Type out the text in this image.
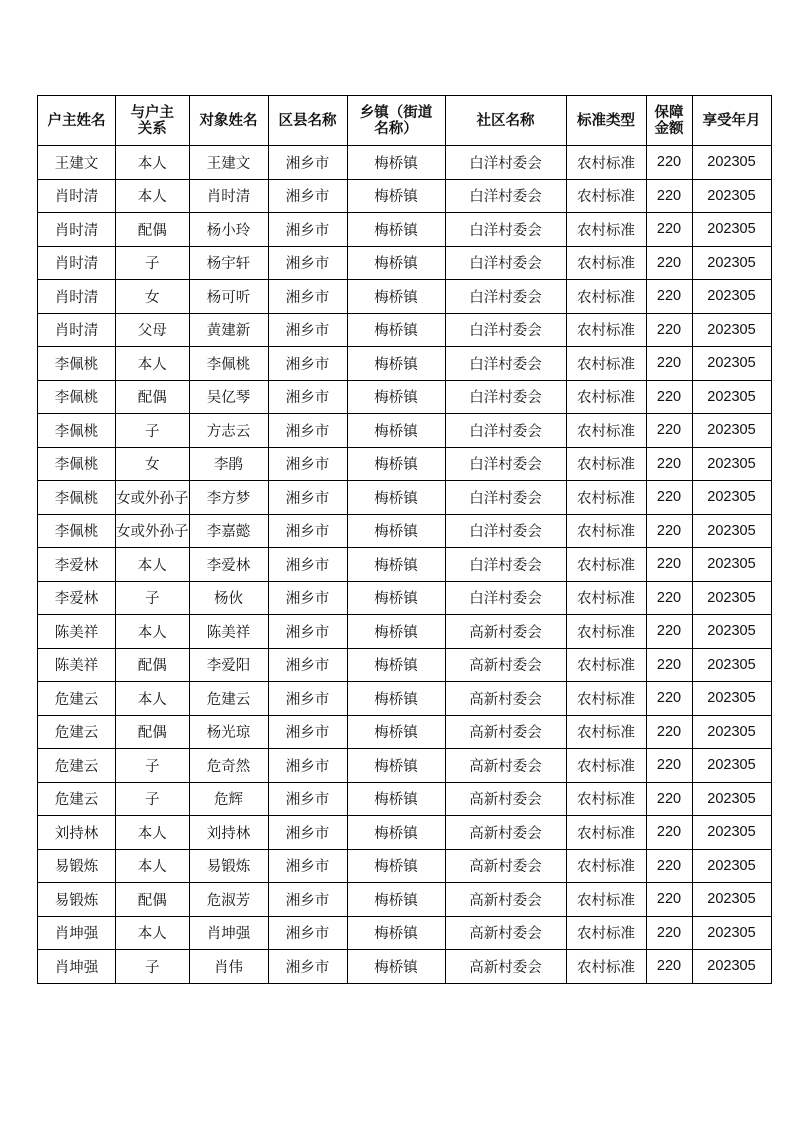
户主姓名	与户主关系	对象姓名	区县名称	乡镇（街道名称）	社区名称	标准类型	保障金额	享受年月
王建文	本人	王建文	湘乡市	梅桥镇	白洋村委会	农村标准	220	202305
肖时清	本人	肖时清	湘乡市	梅桥镇	白洋村委会	农村标准	220	202305
肖时清	配偶	杨小玲	湘乡市	梅桥镇	白洋村委会	农村标准	220	202305
肖时清	子	杨宇轩	湘乡市	梅桥镇	白洋村委会	农村标准	220	202305
肖时清	女	杨可听	湘乡市	梅桥镇	白洋村委会	农村标准	220	202305
肖时清	父母	黄建新	湘乡市	梅桥镇	白洋村委会	农村标准	220	202305
李佩桃	本人	李佩桃	湘乡市	梅桥镇	白洋村委会	农村标准	220	202305
李佩桃	配偶	吴亿琴	湘乡市	梅桥镇	白洋村委会	农村标准	220	202305
李佩桃	子	方志云	湘乡市	梅桥镇	白洋村委会	农村标准	220	202305
李佩桃	女	李鹃	湘乡市	梅桥镇	白洋村委会	农村标准	220	202305
李佩桃	女或外孙子	李方梦	湘乡市	梅桥镇	白洋村委会	农村标准	220	202305
李佩桃	女或外孙子	李嘉懿	湘乡市	梅桥镇	白洋村委会	农村标准	220	202305
李爱林	本人	李爱林	湘乡市	梅桥镇	白洋村委会	农村标准	220	202305
李爱林	子	杨伙	湘乡市	梅桥镇	白洋村委会	农村标准	220	202305
陈美祥	本人	陈美祥	湘乡市	梅桥镇	高新村委会	农村标准	220	202305
陈美祥	配偶	李爱阳	湘乡市	梅桥镇	高新村委会	农村标准	220	202305
危建云	本人	危建云	湘乡市	梅桥镇	高新村委会	农村标准	220	202305
危建云	配偶	杨光琼	湘乡市	梅桥镇	高新村委会	农村标准	220	202305
危建云	子	危奇然	湘乡市	梅桥镇	高新村委会	农村标准	220	202305
危建云	子	危辉	湘乡市	梅桥镇	高新村委会	农村标准	220	202305
刘持林	本人	刘持林	湘乡市	梅桥镇	高新村委会	农村标准	220	202305
易锻炼	本人	易锻炼	湘乡市	梅桥镇	高新村委会	农村标准	220	202305
易锻炼	配偶	危淑芳	湘乡市	梅桥镇	高新村委会	农村标准	220	202305
肖坤强	本人	肖坤强	湘乡市	梅桥镇	高新村委会	农村标准	220	202305
肖坤强	子	肖伟	湘乡市	梅桥镇	高新村委会	农村标准	220	202305
